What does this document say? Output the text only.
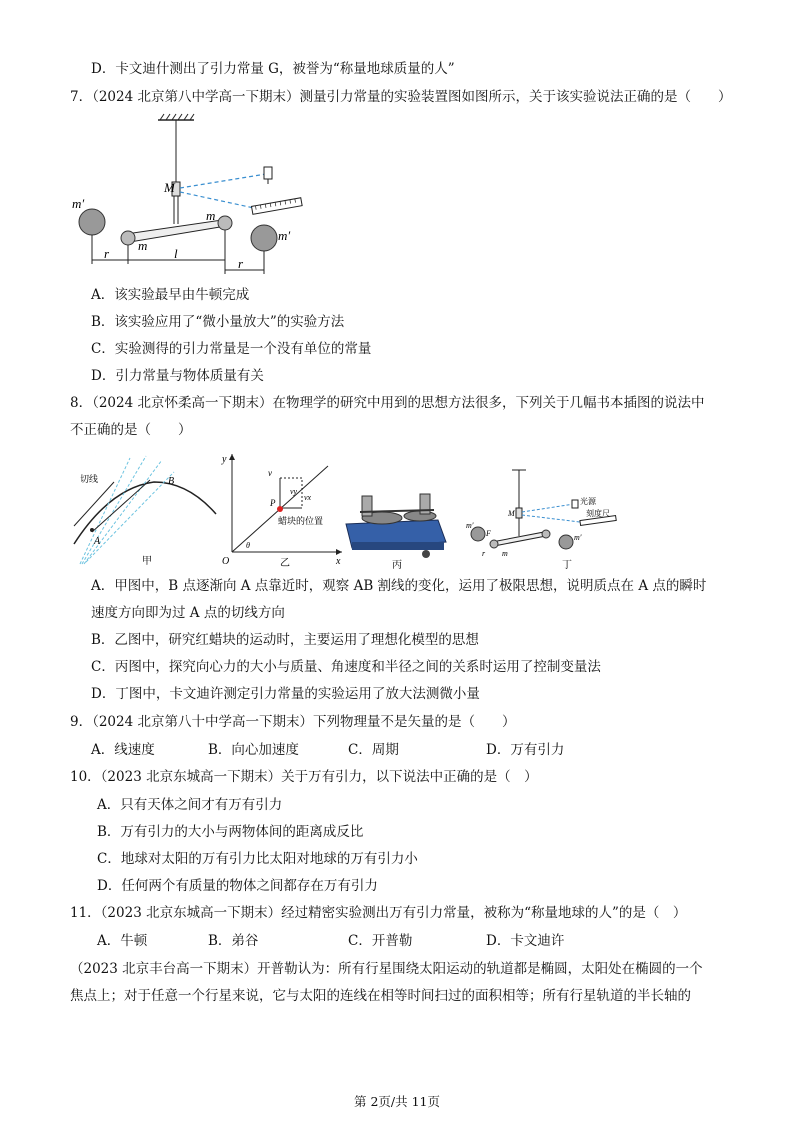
D．卡文迪什测出了引力常量 G，被誉为“称量地球质量的人”
7．（2024 北京第八中学高一下期末）测量引力常量的实验装置图如图所示，关于该实验说法正确的是（　　）
M
m
m
m′
m′
r	l
r
A．该实验最早由牛顿完成
B．该实验应用了“微小量放大”的实验方法
C．实验测得的引力常量是一个没有单位的常量
D．引力常量与物体质量有关
8．（2024 北京怀柔高一下期末）在物理学的研究中用到的思想方法很多，下列关于几幅书本插图的说法中
不正确的是（　　）
切线
A
B
甲
y
x
O
v
vx
vy
P
θ
蜡块的位置
乙	丙
M
光源
刻度尺
m′
m′
F
m
r
丁
A．甲图中，B 点逐渐向 A 点靠近时，观察 AB 割线的变化，运用了极限思想，说明质点在 A 点的瞬时
速度方向即为过 A 点的切线方向
B．乙图中，研究红蜡块的运动时，主要运用了理想化模型的思想
C．丙图中，探究向心力的大小与质量、角速度和半径之间的关系时运用了控制变量法
D．丁图中，卡文迪许测定引力常量的实验运用了放大法测微小量
9．（2024 北京第八十中学高一下期末）下列物理量不是矢量的是（　　）
A．线速度	B．向心加速度	C．周期	D．万有引力
10．（2023 北京东城高一下期末）关于万有引力，以下说法中正确的是（　）
A．只有天体之间才有万有引力
B．万有引力的大小与两物体间的距离成反比
C．地球对太阳的万有引力比太阳对地球的万有引力小
D．任何两个有质量的物体之间都存在万有引力
11．（2023 北京东城高一下期末）经过精密实验测出万有引力常量，被称为“称量地球的人”的是（　）
A．牛顿	B．弟谷	C．开普勒	D．卡文迪许
（2023 北京丰台高一下期末）开普勒认为：所有行星围绕太阳运动的轨道都是椭圆，太阳处在椭圆的一个
焦点上；对于任意一个行星来说，它与太阳的连线在相等时间扫过的面积相等；所有行星轨道的半长轴的
第 2页/共 11页
